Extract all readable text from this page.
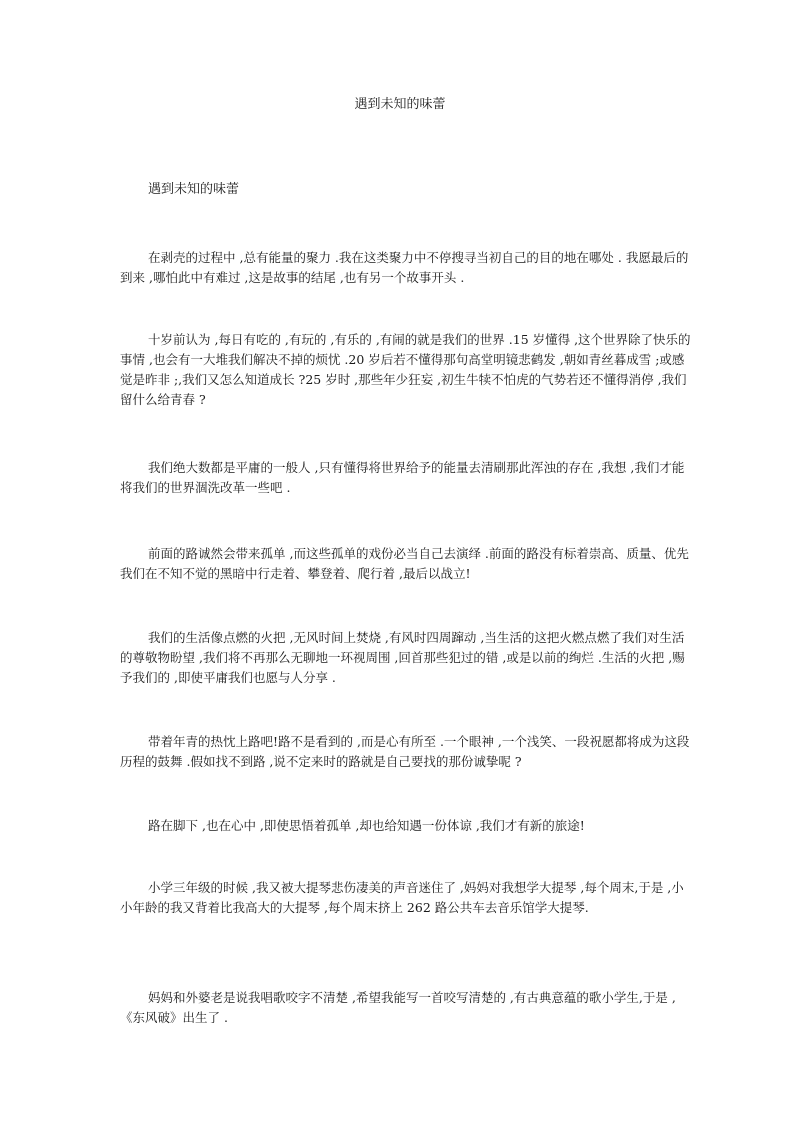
遇到未知的味蕾
遇到未知的味蕾
在剥壳的过程中 ,总有能量的聚力 .我在这类聚力中不停搜寻当初自己的目的地在哪处 . 我愿最后的到来 ,哪怕此中有难过 ,这是故事的结尾 ,也有另一个故事开头 .
十岁前认为 ,每日有吃的 ,有玩的 ,有乐的 ,有闹的就是我们的世界 .15 岁懂得 ,这个世界除了快乐的事情 ,也会有一大堆我们解决不掉的烦忧 .20 岁后若不懂得那句高堂明镜悲鹤发 ,朝如青丝暮成雪 ;或感觉是昨非 ;,我们又怎么知道成长 ?25 岁时 ,那些年少狂妄 ,初生牛犊不怕虎的气势若还不懂得消停 ,我们留什么给青春 ?
我们绝大数都是平庸的一般人 ,只有懂得将世界给予的能量去清刷那此浑浊的存在 ,我想 ,我们才能将我们的世界涸洗改革一些吧 .
前面的路诚然会带来孤单 ,而这些孤单的戏份必当自己去演绎 .前面的路没有标着崇高、质量、优先我们在不知不觉的黑暗中行走着、攀登着、爬行着 ,最后以战立!
我们的生活像点燃的火把 ,无风时间上焚烧 ,有风时四周蹿动 ,当生活的这把火燃点燃了我们对生活的尊敬物盼望 ,我们将不再那么无聊地一环视周围 ,回首那些犯过的错 ,或是以前的绚烂 .生活的火把 ,赐予我们的 ,即使平庸我们也愿与人分享 .
带着年青的热忱上路吧!路不是看到的 ,而是心有所至 .一个眼神 ,一个浅笑、一段祝愿都将成为这段历程的鼓舞 .假如找不到路 ,说不定来时的路就是自己要找的那份诚挚呢 ?
路在脚下 ,也在心中 ,即使思悟着孤单 ,却也给知遇一份体谅 ,我们才有新的旅途!
小学三年级的时候 ,我又被大提琴悲伤凄美的声音迷住了 ,妈妈对我想学大提琴 ,每个周末,于是 ,小小年龄的我又背着比我高大的大提琴 ,每个周末挤上 262 路公共车去音乐馆学大提琴.
妈妈和外婆老是说我唱歌咬字不清楚 ,希望我能写一首咬写清楚的 ,有古典意蕴的歌小学生,于是 ,《东风破》出生了 .
